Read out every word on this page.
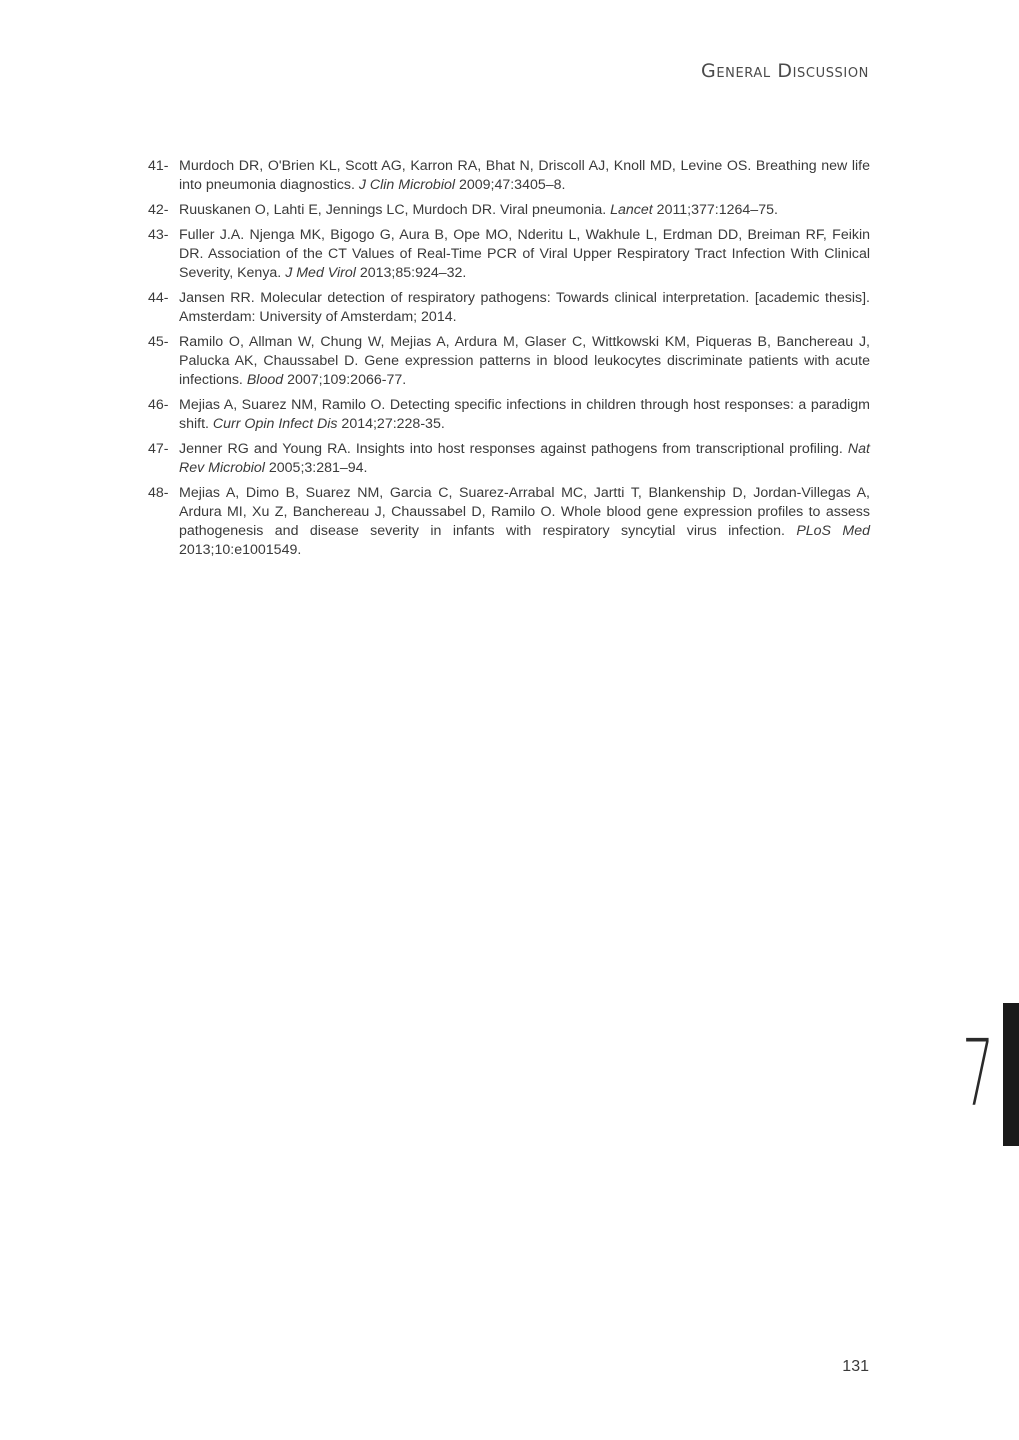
General Discussion
41- Murdoch DR, O'Brien KL, Scott AG, Karron RA, Bhat N, Driscoll AJ, Knoll MD, Levine OS. Breathing new life into pneumonia diagnostics. J Clin Microbiol 2009;47:3405–8.
42- Ruuskanen O, Lahti E, Jennings LC, Murdoch DR. Viral pneumonia. Lancet 2011;377:1264–75.
43- Fuller J.A. Njenga MK, Bigogo G, Aura B, Ope MO, Nderitu L, Wakhule L, Erdman DD, Breiman RF, Feikin DR. Association of the CT Values of Real-Time PCR of Viral Upper Respiratory Tract Infection With Clinical Severity, Kenya. J Med Virol 2013;85:924–32.
44- Jansen RR. Molecular detection of respiratory pathogens: Towards clinical interpretation. [academic thesis]. Amsterdam: University of Amsterdam; 2014.
45- Ramilo O, Allman W, Chung W, Mejias A, Ardura M, Glaser C, Wittkowski KM, Piqueras B, Banchereau J, Palucka AK, Chaussabel D. Gene expression patterns in blood leukocytes discriminate patients with acute infections. Blood 2007;109:2066-77.
46- Mejias A, Suarez NM, Ramilo O. Detecting specific infections in children through host responses: a paradigm shift. Curr Opin Infect Dis 2014;27:228-35.
47- Jenner RG and Young RA. Insights into host responses against pathogens from transcriptional profiling. Nat Rev Microbiol 2005;3:281–94.
48- Mejias A, Dimo B, Suarez NM, Garcia C, Suarez-Arrabal MC, Jartti T, Blankenship D, Jordan-Villegas A, Ardura MI, Xu Z, Banchereau J, Chaussabel D, Ramilo O. Whole blood gene expression profiles to assess pathogenesis and disease severity in infants with respiratory syncytial virus infection. PLoS Med 2013;10:e1001549.
7
131
